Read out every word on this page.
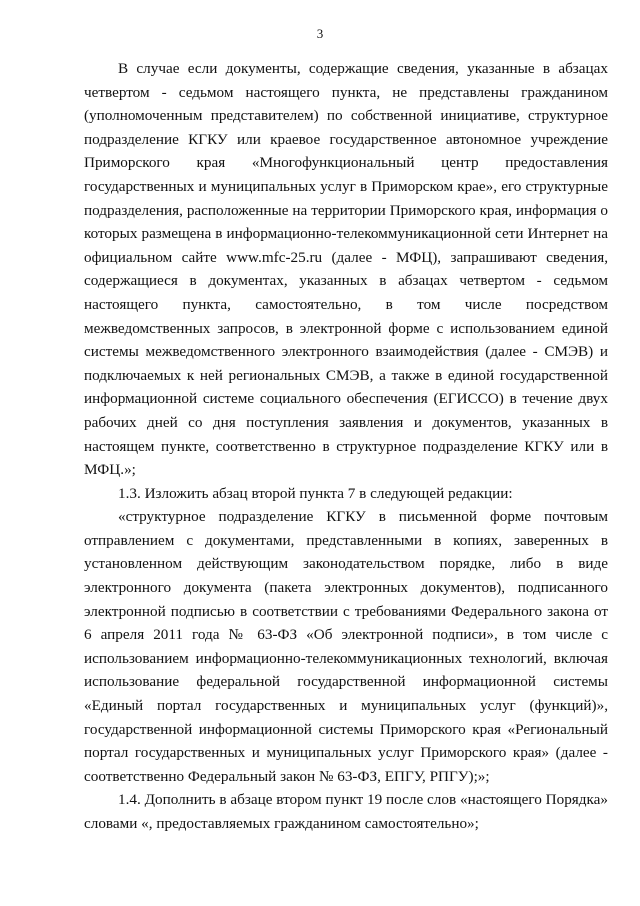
3

В случае если документы, содержащие сведения, указанные в абзацах четвертом - седьмом настоящего пункта, не представлены гражданином (уполномоченным представителем) по собственной инициативе, структурное подразделение КГКУ или краевое государственное автономное учреждение Приморского края «Многофункциональный центр предоставления государственных и муниципальных услуг в Приморском крае», его структурные подразделения, расположенные на территории Приморского края, информация о которых размещена в информационно-телекоммуникационной сети Интернет на официальном сайте www.mfc-25.ru (далее - МФЦ), запрашивают сведения, содержащиеся в документах, указанных в абзацах четвертом - седьмом настоящего пункта, самостоятельно, в том числе посредством межведомственных запросов, в электронной форме с использованием единой системы межведомственного электронного взаимодействия (далее - СМЭВ) и подключаемых к ней региональных СМЭВ, а также в единой государственной информационной системе социального обеспечения (ЕГИССО) в течение двух рабочих дней со дня поступления заявления и документов, указанных в настоящем пункте, соответственно в структурное подразделение КГКУ или в МФЦ.»;

1.3. Изложить абзац второй пункта 7 в следующей редакции:

«структурное подразделение КГКУ в письменной форме почтовым отправлением с документами, представленными в копиях, заверенных в установленном действующим законодательством порядке, либо в виде электронного документа (пакета электронных документов), подписанного электронной подписью в соответствии с требованиями Федерального закона от 6 апреля 2011 года № 63-ФЗ «Об электронной подписи», в том числе с использованием информационно-телекоммуникационных технологий, включая использование федеральной государственной информационной системы «Единый портал государственных и муниципальных услуг (функций)», государственной информационной системы Приморского края «Региональный портал государственных и муниципальных услуг Приморского края» (далее - соответственно Федеральный закон № 63-ФЗ, ЕПГУ, РПГУ);»;

1.4. Дополнить в абзаце втором пункт 19 после слов «настоящего Порядка» словами «, предоставляемых гражданином самостоятельно»;
